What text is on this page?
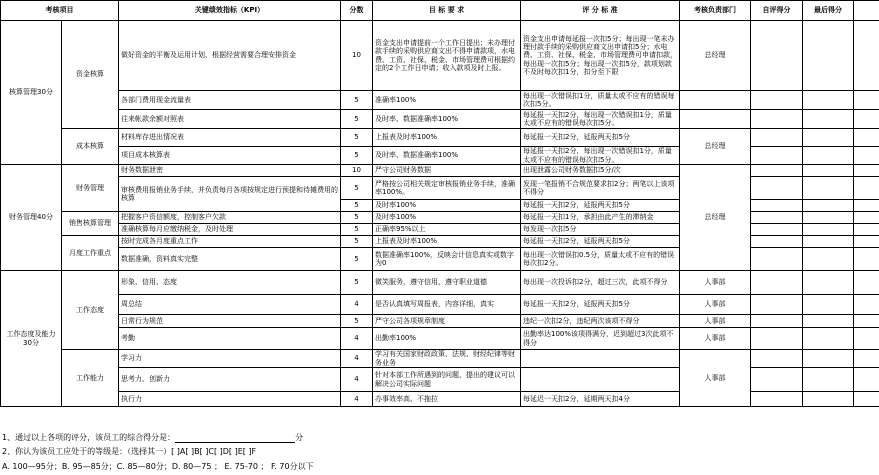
考核项目		关键绩效指标（KPI）	分数	目 标 要 求	评 分 标 准	考核负责部门	自评得分	最后得分	
核算管理30分	资金核算	做好资金的平衡及运用计划，根据经营需要合理安排资金	10	资金支出申请提前一个工作日提出；未办理付款手续的采购供应商文出不得申请款项，水电费、工资、社保、税金、市场管理费可根据约定的2个工作日申请；收入款项及时上报。	资金支出申请每延报一次扣5分；每出现一笔未办理付款手续的采购供应商文出申请扣5分；水电费、工资、社保、税金、市场管理费可申请扣款，每出现一次扣5分；每出现一次扣5分，款项划款不及时每次扣1分，扣分至下限	总经理			
		各部门费用现金流量表	5	准确率100%	每出现一次错误扣1分，质量太或不应有的错误每次扣5分。				
		往来帐款余额对照表	5	及时率、数据准确率100%	每延报一天扣2分，每出现一次错误扣1分，质量太或不应有的错误每次扣5分。				
	成本核算	材料库存进出情况表	5	上报表及时率100%	每延报一天扣2分，延报两天扣5分	总经理			
		项目成本核算表	5	及时率、数据准确率100%	每延报一天扣2分，每出现一次错误扣1分，质量太或不应有的错误每次扣5分。				
财务管理40分	财务管理	财务数据泄密	10	严守公司财务数据	出现泄露公司财务数据扣5分/次	总经理			
		审核费用报销业务手续，并负责每月各项按规定进行预提和待摊费用的核算	5	严格按公司相关规定审核报销业务手续，准确率100%。	发现一笔报销不合规范要求扣2分；两笔以上该项不得分				
			5	及时率100%	每延报一天扣2分，延报两天扣5分				
	销售核算管理	把握客户资信额度，控制客户欠款	5	及时率100%	每延报一天扣1分，承担由此产生的滞纳金				
		准确核算每月应缴纳税金，及时处理	5	正确率95%以上	每发现一次扣5分				
	月度工作重点	按时完成各月度重点工作	5	上报表及时率100%	每延报一天扣2分，延报两天扣5分				
		数据准确，资料真实完整	5	数据准确率100%，反映会计信息真实或数字为0	每出现一次错误扣0.5分，质量太或不应有的错误每次扣2分。				
工作态度及能力30分	工作态度	形象、信用、态度	5	微笑服务，遵守信用，遵守职业道德	每出现一次投诉扣2分，超过三次，此项不得分	人事部			
		周总结	4	是否认真填写周报表，内容详细，真实	每延报一天扣2分，延报两天扣5分	人事部			
		日常行为规范	5	严守公司各项规章制度	违纪一次扣2分，违纪两次该项不得分	人事部			
		考勤	4	出勤率100%	出勤率达100%该项得满分，迟到超过3次此项不得分	人事部			
	工作能力	学习力	4	学习有关国家财政政策、法规、财经纪律等财务业务		人事部			
		思考力、创新力	4	针对本部工作所遇到的问题，提出的建议可以解决公司实际问题					
		执行力	4	办事效率高、不拖拉	每延迟一天扣2分，延期两天扣4分				
1、通过以上各项的评分，该员工的综合得分是：	分
2、你认为该员工应处于的等级是：（选择其一）[ ]A[ ]B[ ]C[ ]D[ ]E[ ]F
A. 100—95分；B. 95—85分；C. 85—80分；D. 80—75 ； E. 75-70 ； F. 70分以下
